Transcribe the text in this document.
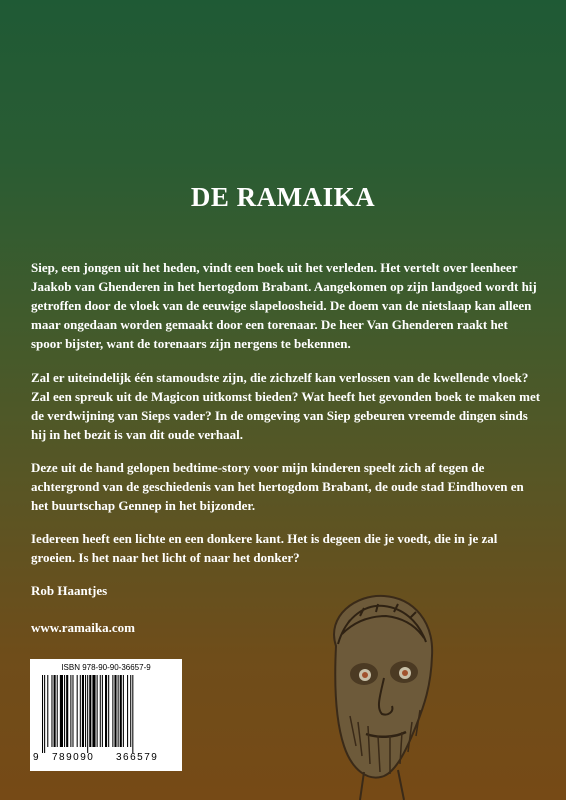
DE RAMAIKA

Siep, een jongen uit het heden, vindt een boek uit het verleden. Het vertelt over leenheer Jaakob van Ghenderen in het hertogdom Brabant. Aangekomen op zijn landgoed wordt hij getroffen door de vloek van de eeuwige slapeloosheid. De doem van de nietslaap kan alleen maar ongedaan worden gemaakt door een torenaar. De heer Van Ghenderen raakt het spoor bijster, want de torenaars zijn nergens te bekennen.

Zal er uiteindelijk één stamoudste zijn, die zichzelf kan verlossen van de kwellende vloek? Zal een spreuk uit de Magicon uitkomst bieden? Wat heeft het gevonden boek te maken met de verdwijning van Sieps vader? In de omgeving van Siep gebeuren vreemde dingen sinds hij in het bezit is van dit oude verhaal.

Deze uit de hand gelopen bedtime-story voor mijn kinderen speelt zich af tegen de achtergrond van de geschiedenis van het hertogdom Brabant, de oude stad Eindhoven en het buurtschap Gennep in het bijzonder.

Iedereen heeft een lichte en een donkere kant. Het is degeen die je voedt, die in je zal groeien. Is het naar het licht of naar het donker?

Rob Haantjes
www.ramaika.com
ISBN 978-90-90-36657-9
9 789090 366579
